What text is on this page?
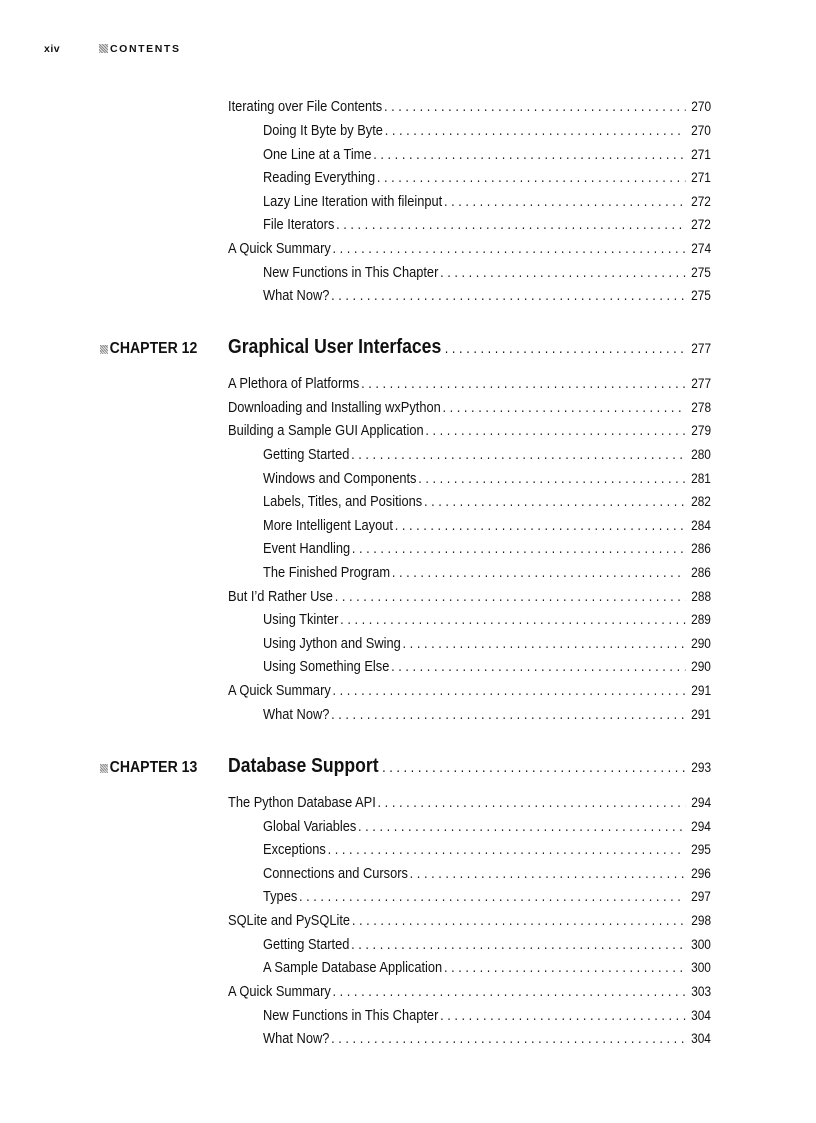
xiv	CONTENTS
Iterating over File Contents . . .	270
Doing It Byte by Byte . . .	270
One Line at a Time . . .	271
Reading Everything . . .	271
Lazy Line Iteration with fileinput . . .	272
File Iterators . . .	272
A Quick Summary . . .	274
New Functions in This Chapter . . .	275
What Now? . . .	275
CHAPTER 12 Graphical User Interfaces . . .	277
A Plethora of Platforms . . .	277
Downloading and Installing wxPython . . .	278
Building a Sample GUI Application . . .	279
Getting Started . . .	280
Windows and Components . . .	281
Labels, Titles, and Positions . . .	282
More Intelligent Layout . . .	284
Event Handling . . .	286
The Finished Program . . .	286
But I’d Rather Use . . .	288
Using Tkinter . . .	289
Using Jython and Swing . . .	290
Using Something Else . . .	290
A Quick Summary . . .	291
What Now? . . .	291
CHAPTER 13 Database Support . . .	293
The Python Database API . . .	294
Global Variables . . .	294
Exceptions . . .	295
Connections and Cursors . . .	296
Types . . .	297
SQLite and PySQLite . . .	298
Getting Started . . .	300
A Sample Database Application . . .	300
A Quick Summary . . .	303
New Functions in This Chapter . . .	304
What Now? . . .	304
